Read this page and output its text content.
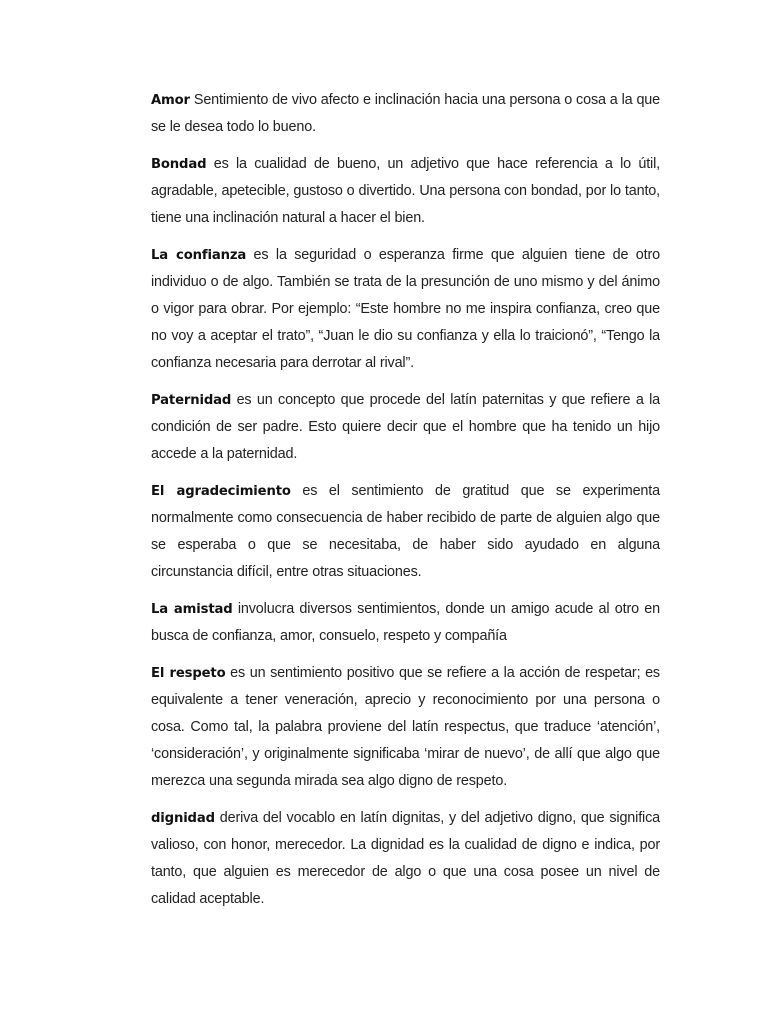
Amor Sentimiento de vivo afecto e inclinación hacia una persona o cosa a la que se le desea todo lo bueno.

Bondad es la cualidad de bueno, un adjetivo que hace referencia a lo útil, agradable, apetecible, gustoso o divertido. Una persona con bondad, por lo tanto, tiene una inclinación natural a hacer el bien.

La confianza es la seguridad o esperanza firme que alguien tiene de otro individuo o de algo. También se trata de la presunción de uno mismo y del ánimo o vigor para obrar. Por ejemplo: “Este hombre no me inspira confianza, creo que no voy a aceptar el trato”, “Juan le dio su confianza y ella lo traicionó”, “Tengo la confianza necesaria para derrotar al rival”.

Paternidad es un concepto que procede del latín paternitas y que refiere a la condición de ser padre. Esto quiere decir que el hombre que ha tenido un hijo accede a la paternidad.

El agradecimiento es el sentimiento de gratitud que se experimenta normalmente como consecuencia de haber recibido de parte de alguien algo que se esperaba o que se necesitaba, de haber sido ayudado en alguna circunstancia difícil, entre otras situaciones.

La amistad involucra diversos sentimientos, donde un amigo acude al otro en busca de confianza, amor, consuelo, respeto y compañía

El respeto es un sentimiento positivo que se refiere a la acción de respetar; es equivalente a tener veneración, aprecio y reconocimiento por una persona o cosa. Como tal, la palabra proviene del latín respectus, que traduce ‘atención’, ‘consideración’, y originalmente significaba ‘mirar de nuevo’, de allí que algo que merezca una segunda mirada sea algo digno de respeto.

dignidad deriva del vocablo en latín dignitas, y del adjetivo digno, que significa valioso, con honor, merecedor. La dignidad es la cualidad de digno e indica, por tanto, que alguien es merecedor de algo o que una cosa posee un nivel de calidad aceptable.
